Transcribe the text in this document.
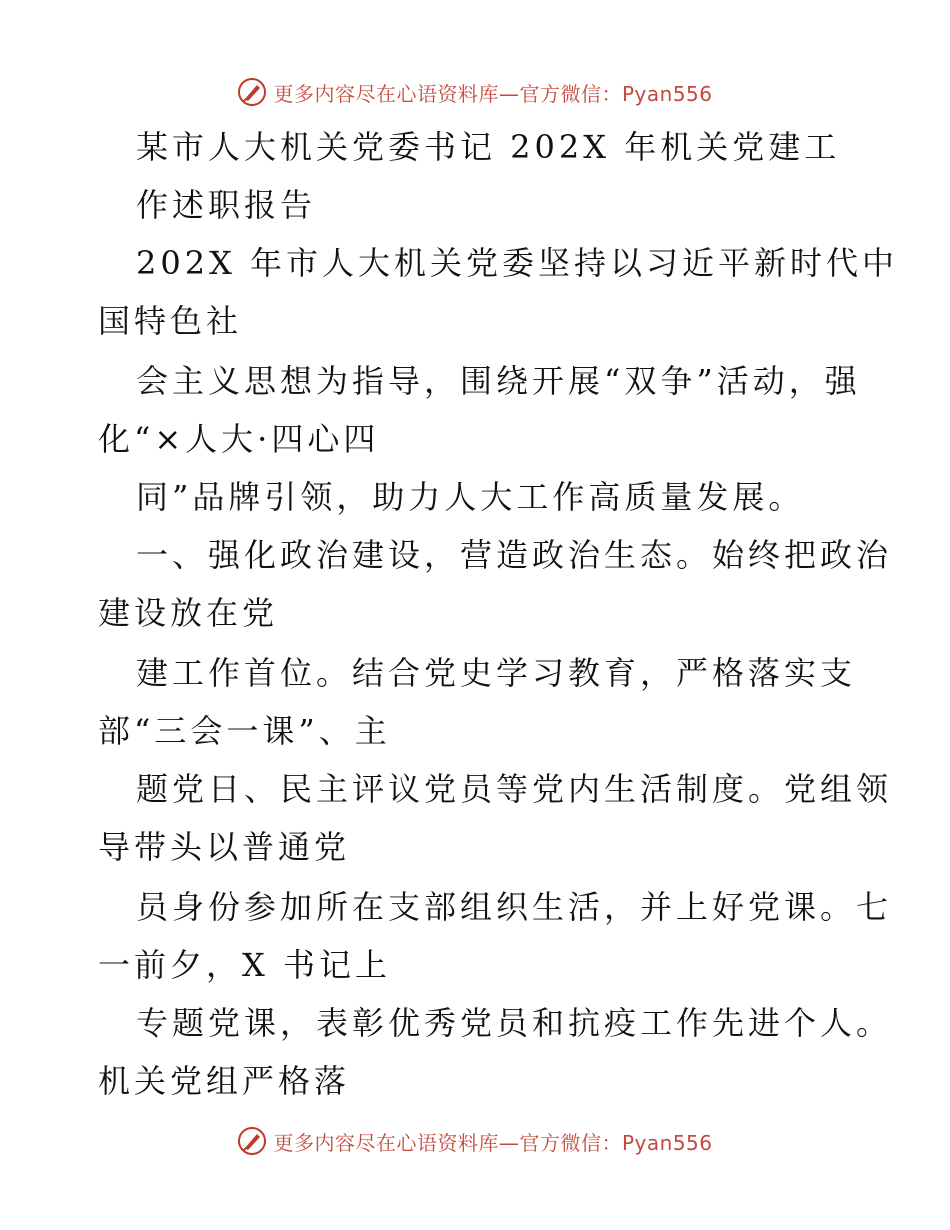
更多内容尽在心语资料库—官方微信：Pyan556
某市人大机关党委书记 202X 年机关党建工
作述职报告
202X 年市人大机关党委坚持以习近平新时代中
国特色社
会主义思想为指导，围绕开展“双争”活动，强
化“×人大·四心四
同”品牌引领，助力人大工作高质量发展。
一、强化政治建设，营造政治生态。始终把政治
建设放在党
建工作首位。结合党史学习教育，严格落实支
部“三会一课”、主
题党日、民主评议党员等党内生活制度。党组领
导带头以普通党
员身份参加所在支部组织生活，并上好党课。七
一前夕，X 书记上
专题党课，表彰优秀党员和抗疫工作先进个人。
机关党组严格落
更多内容尽在心语资料库—官方微信：Pyan556
